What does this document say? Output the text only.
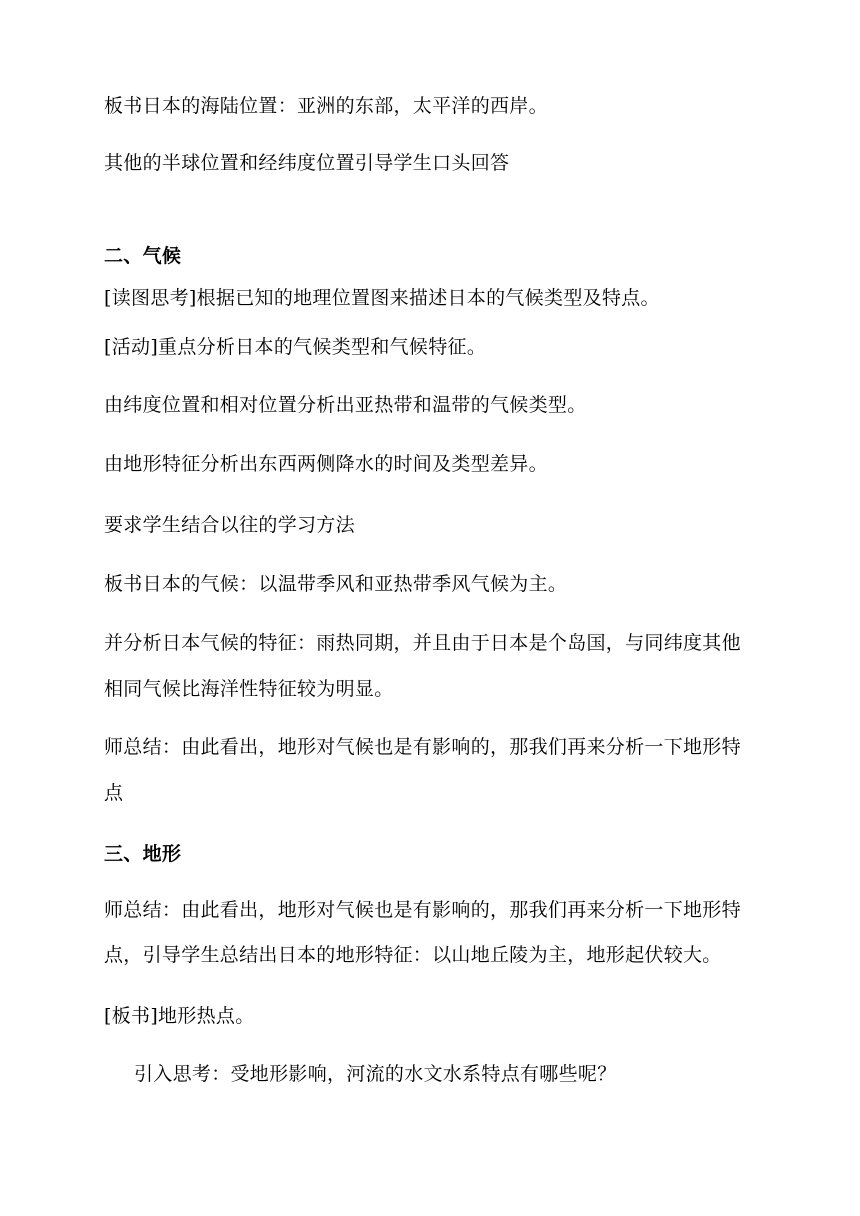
板书日本的海陆位置：亚洲的东部，太平洋的西岸。
其他的半球位置和经纬度位置引导学生口头回答
二、气候
[读图思考]根据已知的地理位置图来描述日本的气候类型及特点。
[活动]重点分析日本的气候类型和气候特征。
由纬度位置和相对位置分析出亚热带和温带的气候类型。
由地形特征分析出东西两侧降水的时间及类型差异。
要求学生结合以往的学习方法
板书日本的气候：以温带季风和亚热带季风气候为主。
并分析日本气候的特征：雨热同期，并且由于日本是个岛国，与同纬度其他
相同气候比海洋性特征较为明显。
师总结：由此看出，地形对气候也是有影响的，那我们再来分析一下地形特
点
三、地形
师总结：由此看出，地形对气候也是有影响的，那我们再来分析一下地形特
点，引导学生总结出日本的地形特征：以山地丘陵为主，地形起伏较大。
[板书]地形热点。
引入思考：受地形影响，河流的水文水系特点有哪些呢？
